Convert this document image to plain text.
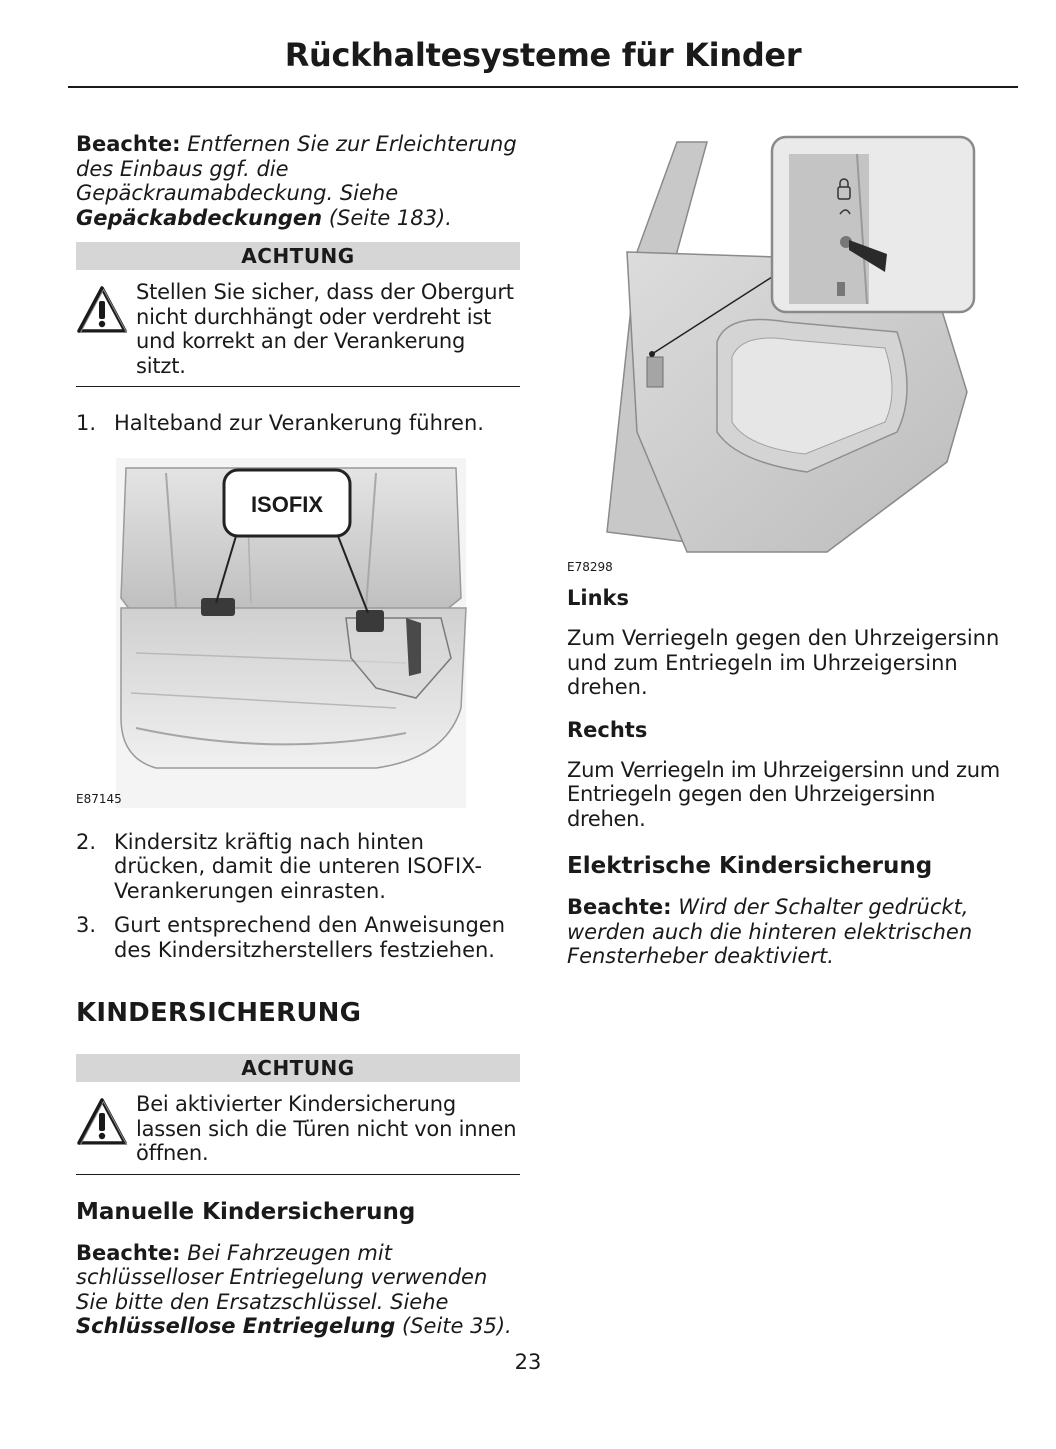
Rückhaltesysteme für Kinder

Beachte: Entfernen Sie zur Erleichterung des Einbaus ggf. die Gepäckraumabdeckung. Siehe Gepäckabdeckungen (Seite 183).

ACHTUNG
Stellen Sie sicher, dass der Obergurt nicht durchhängt oder verdreht ist und korrekt an der Verankerung sitzt.
1. Halteband zur Verankerung führen.
ISOFIX
E87145
2. Kindersitz kräftig nach hinten drücken, damit die unteren ISOFIX-Verankerungen einrasten.
3. Gurt entsprechend den Anweisungen des Kindersitzherstellers festziehen.
KINDERSICHERUNG
ACHTUNG
Bei aktivierter Kindersicherung lassen sich die Türen nicht von innen öffnen.
Manuelle Kindersicherung

Beachte: Bei Fahrzeugen mit schlüsselloser Entriegelung verwenden Sie bitte den Ersatzschlüssel. Siehe Schlüssellose Entriegelung (Seite 35).

E78298
Links

Zum Verriegeln gegen den Uhrzeigersinn und zum Entriegeln im Uhrzeigersinn drehen.

Rechts

Zum Verriegeln im Uhrzeigersinn und zum Entriegeln gegen den Uhrzeigersinn drehen.

Elektrische Kindersicherung

Beachte: Wird der Schalter gedrückt, werden auch die hinteren elektrischen Fensterheber deaktiviert.

23
